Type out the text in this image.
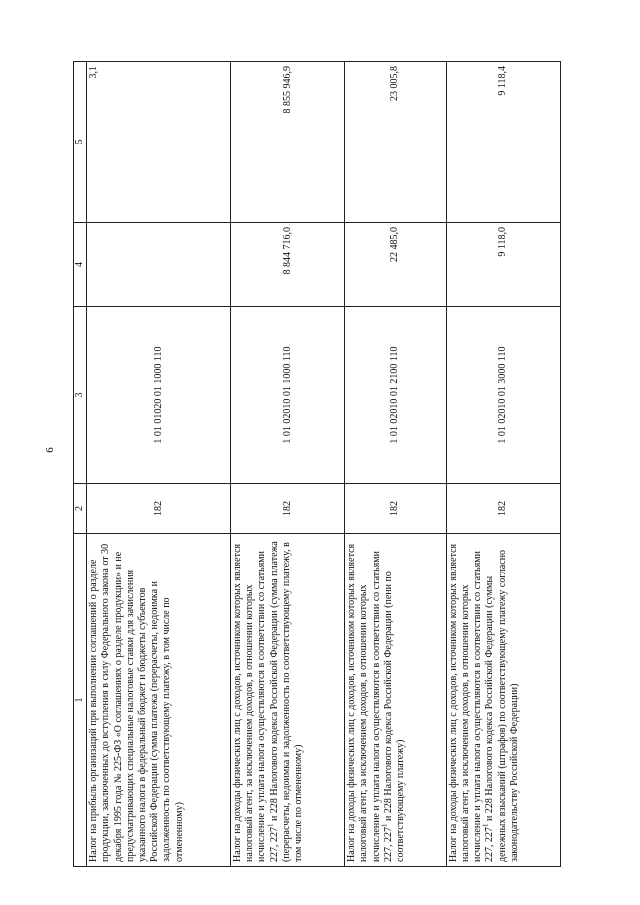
6
1	2	3	4	5
Налог на прибыль организаций при выполнении соглашений о разделе продукции, заключенных до вступления в силу Федерального закона от 30 декабря 1995 года № 225-ФЗ «О соглашениях о разделе продукции» и не предусматривающих специальные налоговые ставки для зачисления указанного налога в федеральный бюджет и бюджеты субъектов Российской Федерации (сумма платежа (перерасчеты, недоимка и задолженность по соответствующему платежу, в том числе по отмененному)	182	1 01 01020 01 1000 110		3,1
Налог на доходы физических лиц с доходов, источником которых является налоговый агент, за исключением доходов, в отношении которых исчисление и уплата налога осуществляются в соответствии со статьями 227, $227^1$ и 228 Налогового кодекса Российской Федерации (сумма платежа (перерасчеты, недоимка и задолженность по соответствующему платежу, в том числе по отмененному)	182	1 01 02010 01 1000 110	8 844 716,0	8 855 946,9
Налог на доходы физических лиц с доходов, источником которых является налоговый агент, за исключением доходов, в отношении которых исчисление и уплата налога осуществляются в соответствии со статьями 227, $227^1$ и 228 Налогового кодекса Российской Федерации (пени по соответствующему платежу)	182	1 01 02010 01 2100 110	22 485,0	23 005,8
Налог на доходы физических лиц с доходов, источником которых является налоговый агент, за исключением доходов, в отношении которых исчисление и уплата налога осуществляются в соответствии со статьями 227, $227^1$ и 228 Налогового кодекса Российской Федерации (суммы денежных взысканий (штрафов) по соответствующему платежу согласно законодательству Российской Федерации)	182	1 01 02010 01 3000 110	9 118,0	9 118,4
